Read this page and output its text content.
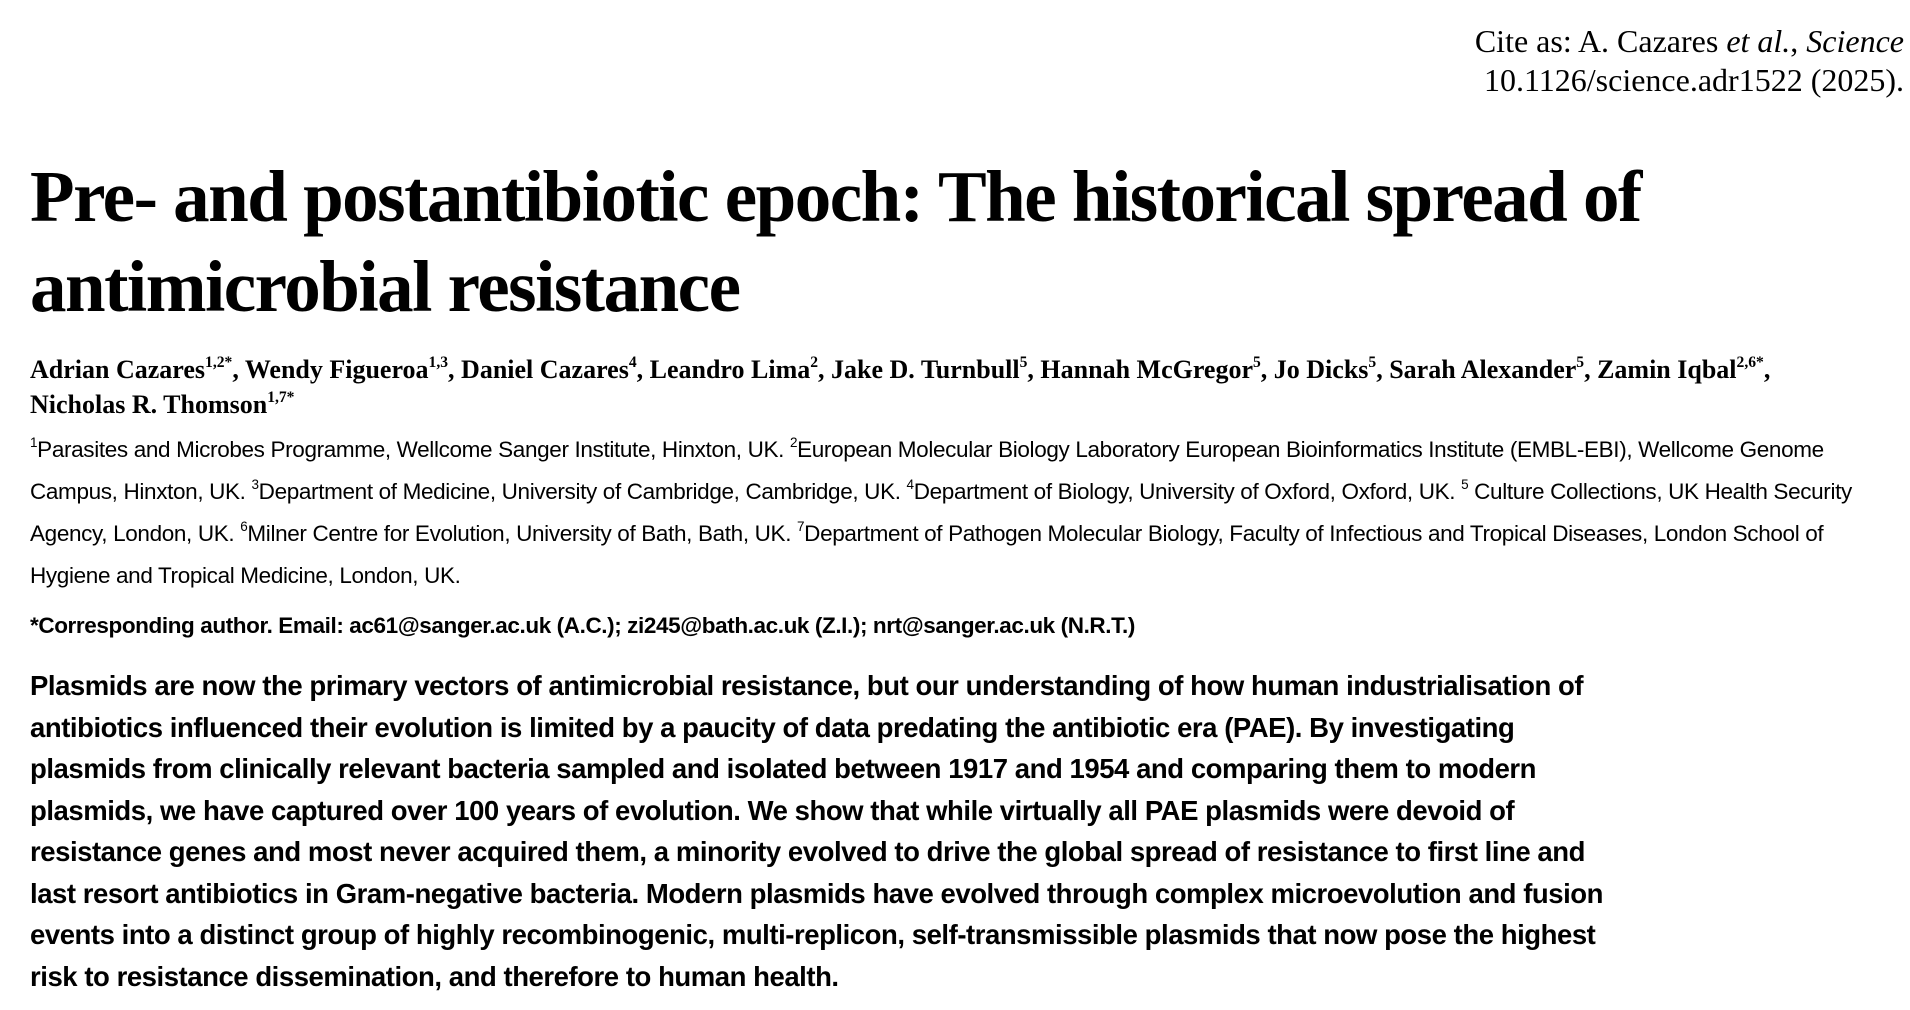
Cite as: A. Cazares et al., Science
10.1126/science.adr1522 (2025).
Pre- and postantibiotic epoch: The historical spread of
antimicrobial resistance
Adrian Cazares$^{1,2*}$, Wendy Figueroa$^{1,3}$, Daniel Cazares$^4$, Leandro Lima$^2$, Jake D. Turnbull$^5$, Hannah McGregor$^5$, Jo Dicks$^5$, Sarah Alexander$^5$, Zamin Iqbal$^{2,6*}$, Nicholas R. Thomson$^{1,7*}$
$^1$Parasites and Microbes Programme, Wellcome Sanger Institute, Hinxton, UK. $^2$European Molecular Biology Laboratory European Bioinformatics Institute (EMBL-EBI), Wellcome Genome Campus, Hinxton, UK. $^3$Department of Medicine, University of Cambridge, Cambridge, UK. $^4$Department of Biology, University of Oxford, Oxford, UK. $^5$ Culture Collections, UK Health Security Agency, London, UK. $^6$Milner Centre for Evolution, University of Bath, Bath, UK. $^7$Department of Pathogen Molecular Biology, Faculty of Infectious and Tropical Diseases, London School of Hygiene and Tropical Medicine, London, UK.
*Corresponding author. Email: ac61@sanger.ac.uk (A.C.); zi245@bath.ac.uk (Z.I.); nrt@sanger.ac.uk (N.R.T.)
Plasmids are now the primary vectors of antimicrobial resistance, but our understanding of how human industrialisation of
antibiotics influenced their evolution is limited by a paucity of data predating the antibiotic era (PAE). By investigating
plasmids from clinically relevant bacteria sampled and isolated between 1917 and 1954 and comparing them to modern
plasmids, we have captured over 100 years of evolution. We show that while virtually all PAE plasmids were devoid of
resistance genes and most never acquired them, a minority evolved to drive the global spread of resistance to first line and
last resort antibiotics in Gram-negative bacteria. Modern plasmids have evolved through complex microevolution and fusion
events into a distinct group of highly recombinogenic, multi-replicon, self-transmissible plasmids that now pose the highest
risk to resistance dissemination, and therefore to human health.
